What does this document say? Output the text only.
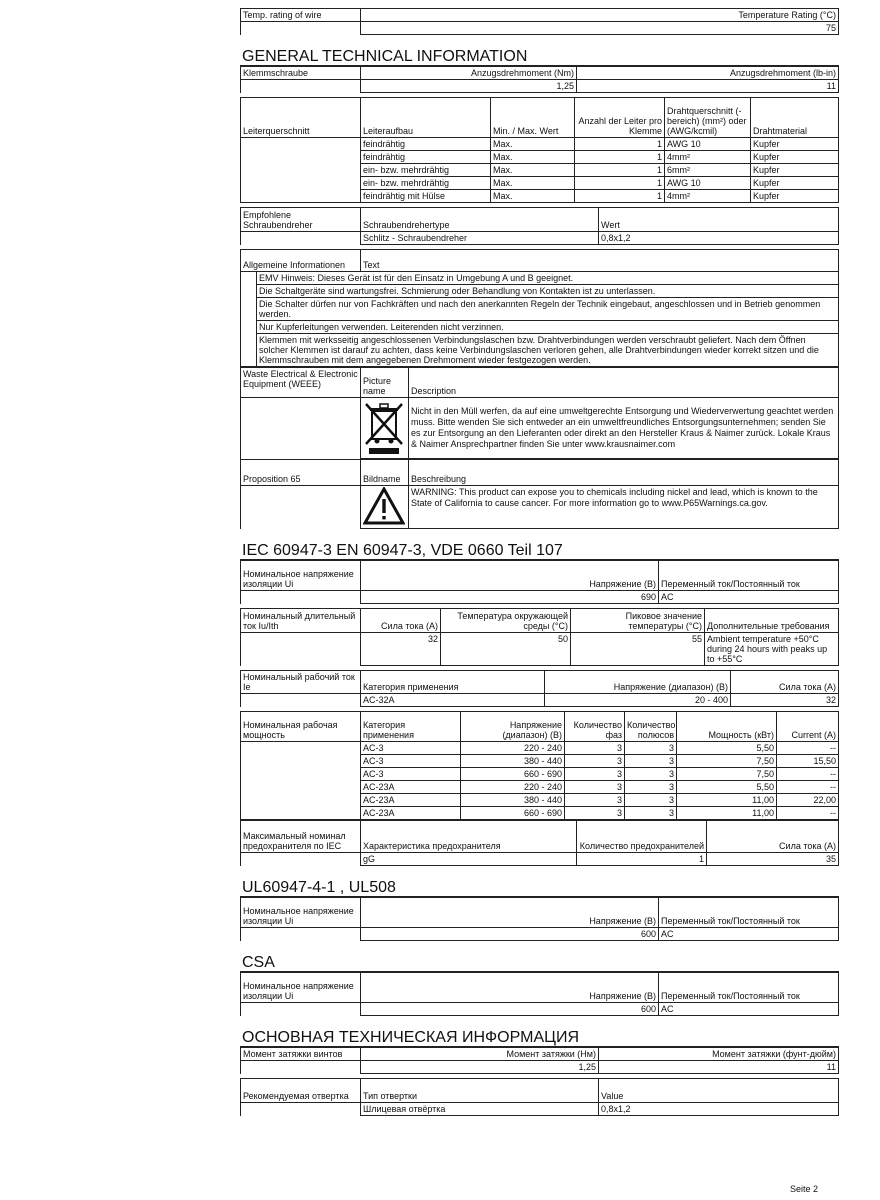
Temp. rating of wire	Temperature Rating (°C)
	75
GENERAL TECHNICAL INFORMATION
Klemmschraube	Anzugsdrehmoment (Nm)	Anzugsdrehmoment (lb-in)
	1,25	11
Leiterquerschnitt	Leiteraufbau	Min. / Max. Wert	Anzahl der Leiter pro Klemme	Drahtquerschnitt (-bereich) (mm²) oder (AWG/kcmil)	Drahtmaterial
	feindrähtig	Max.	1	AWG 10	Kupfer
	feindrähtig	Max.	1	4mm²	Kupfer
	ein- bzw. mehrdrähtig	Max.	1	6mm²	Kupfer
	ein- bzw. mehrdrähtig	Max.	1	AWG 10	Kupfer
	feindrähtig mit Hülse	Max.	1	4mm²	Kupfer
Empfohlene Schraubendreher	Schraubendrehertype	Wert
	Schlitz - Schraubendreher	0,8x1,2
Allgemeine Informationen		Text
	EMV Hinweis: Dieses Gerät ist für den Einsatz in Umgebung A und B geeignet.	
	Die Schaltgeräte sind wartungsfrei. Schmierung oder Behandlung von Kontakten ist zu unterlassen.	
	Die Schalter dürfen nur von Fachkräften und nach den anerkannten Regeln der Technik eingebaut, angeschlossen und in Betrieb genommen werden.	
	Nur Kupferleitungen verwenden. Leiterenden nicht verzinnen.	
	Klemmen mit werksseitig angeschlossenen Verbindungslaschen bzw. Drahtverbindungen werden verschraubt geliefert. Nach dem Öffnen solcher Klemmen ist darauf zu achten, dass keine Verbindungslaschen verloren gehen, alle Drahtverbindungen wieder korrekt sitzen und die Klemmschrauben mit dem angegebenen Drehmoment wieder festgezogen werden.	
Waste Electrical & Electronic Equipment (WEEE)	Picture name	Description
		Nicht in den Müll werfen, da auf eine umweltgerechte Entsorgung und Wiederverwertung geachtet werden muss. Bitte wenden Sie sich entweder an ein umweltfreundliches Entsorgungsunternehmen; senden Sie es zur Entsorgung an den Lieferanten oder direkt an den Hersteller Kraus & Naimer zurück. Lokale Kraus & Naimer Ansprechpartner finden Sie unter www.krausnaimer.com
Proposition 65	Bildname	Beschreibung
		WARNING: This product can expose you to chemicals including nickel and lead, which is known to the State of California to cause cancer. For more information go to www.P65Warnings.ca.gov.
IEC 60947-3 EN 60947-3, VDE 0660 Teil 107
Номинальное напряжение изоляции Ui	Напряжение (В)	Переменный ток/Постоянный ток
	690	AC
Номинальный длительный ток Iu/Ith	Сила тока (A)	Температура окружающей среды (°C)	Пиковое значение температуры (°C)	Дополнительные требования
	32	50	55	Ambient temperature +50°C during 24 hours with peaks up to +55°C
Номинальный рабочий ток Ie	Категория применения	Напряжение (диапазон) (В)	Сила тока (A)
	AC-32A	20 - 400	32
Номинальная рабочая мощность	Категория применения	Напряжение (диапазон) (В)	Количество фаз	Количество полюсов	Мощность (кВт)	Current (A)
	AC-3	220 - 240	3	3	5,50	--
	AC-3	380 - 440	3	3	7,50	15,50
	AC-3	660 - 690	3	3	7,50	--
	AC-23A	220 - 240	3	3	5,50	--
	AC-23A	380 - 440	3	3	11,00	22,00
	AC-23A	660 - 690	3	3	11,00	--
Максимальный номинал предохранителя по IEC	Характеристика предохранителя	Количество предохранителей	Сила тока (A)
	gG	1	35
UL60947-4-1 , UL508
Номинальное напряжение изоляции Ui	Напряжение (В)	Переменный ток/Постоянный ток
	600	AC
CSA
Номинальное напряжение изоляции Ui	Напряжение (В)	Переменный ток/Постоянный ток
	600	AC
ОСНОВНАЯ ТЕХНИЧЕСКАЯ ИНФОРМАЦИЯ
Момент затяжки винтов	Момент затяжки (Нм)	Момент затяжки (фунт-дюйм)
	1,25	11
Рекомендуемая отвертка	Тип отвертки	Value
	Шлицевая отвёртка	0,8x1,2
Seite 2
